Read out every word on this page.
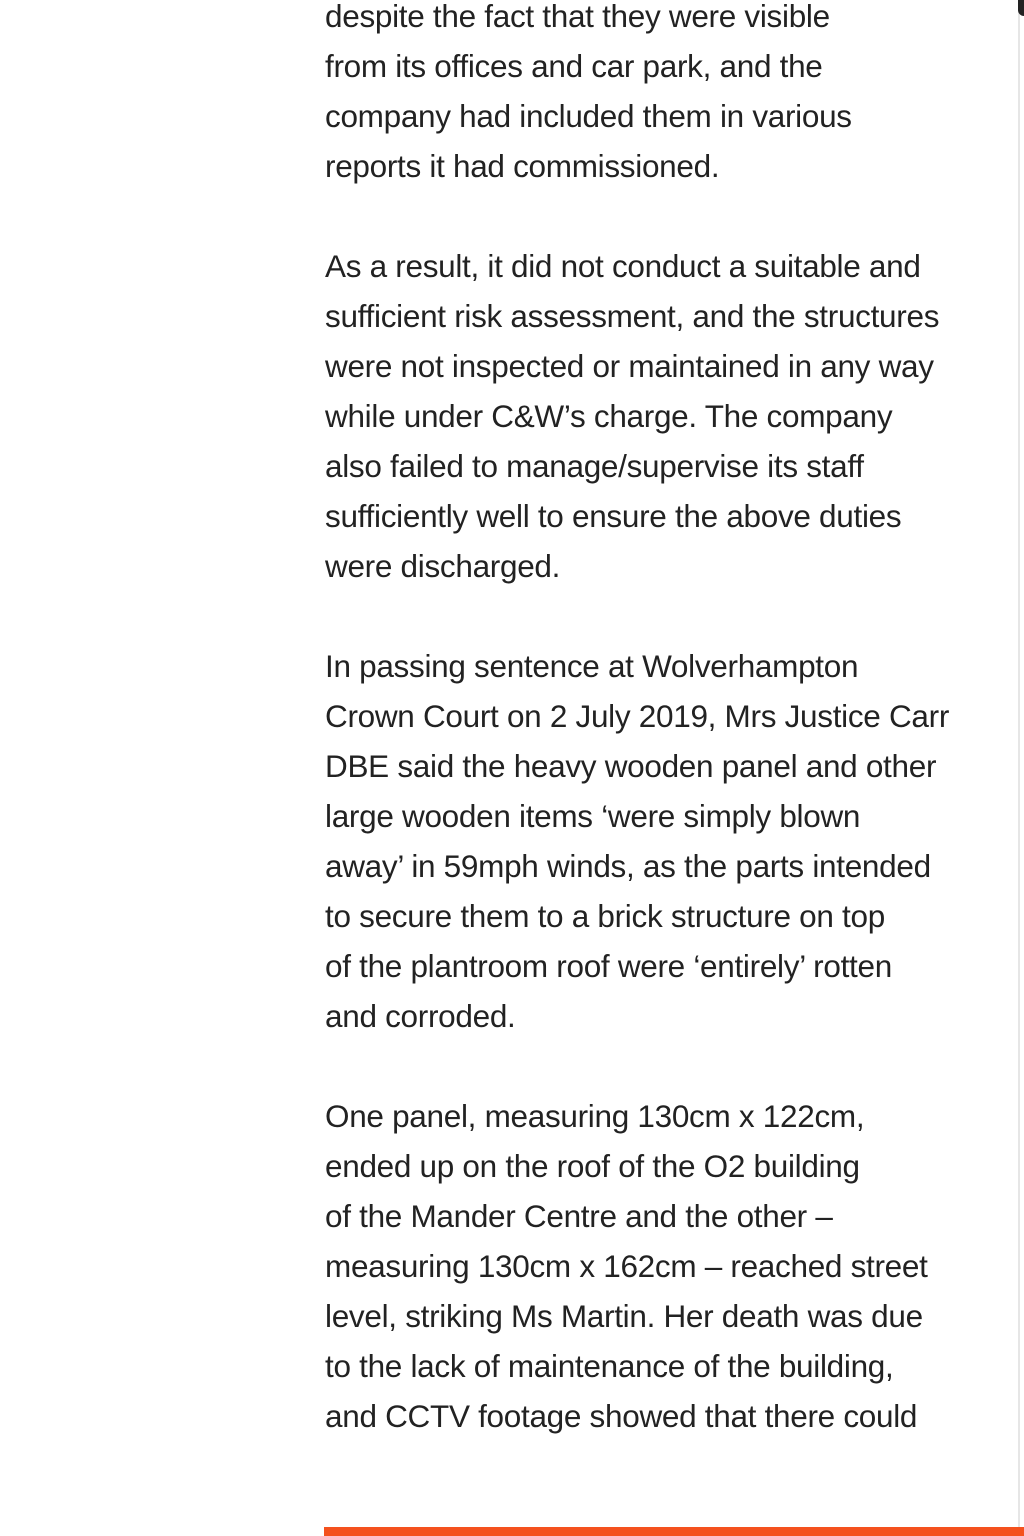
despite the fact that they were visible
from its offices and car park, and the
company had included them in various
reports it had commissioned.

As a result, it did not conduct a suitable and
sufficient risk assessment, and the structures
were not inspected or maintained in any way
while under C&W’s charge. The company
also failed to manage/supervise its staff
sufficiently well to ensure the above duties
were discharged.

In passing sentence at Wolverhampton
Crown Court on 2 July 2019, Mrs Justice Carr
DBE said the heavy wooden panel and other
large wooden items ‘were simply blown
away’ in 59mph winds, as the parts intended
to secure them to a brick structure on top
of the plantroom roof were ‘entirely’ rotten
and corroded.

One panel, measuring 130cm x 122cm,
ended up on the roof of the O2 building
of the Mander Centre and the other –
measuring 130cm x 162cm – reached street
level, striking Ms Martin. Her death was due
to the lack of maintenance of the building,
and CCTV footage showed that there could
